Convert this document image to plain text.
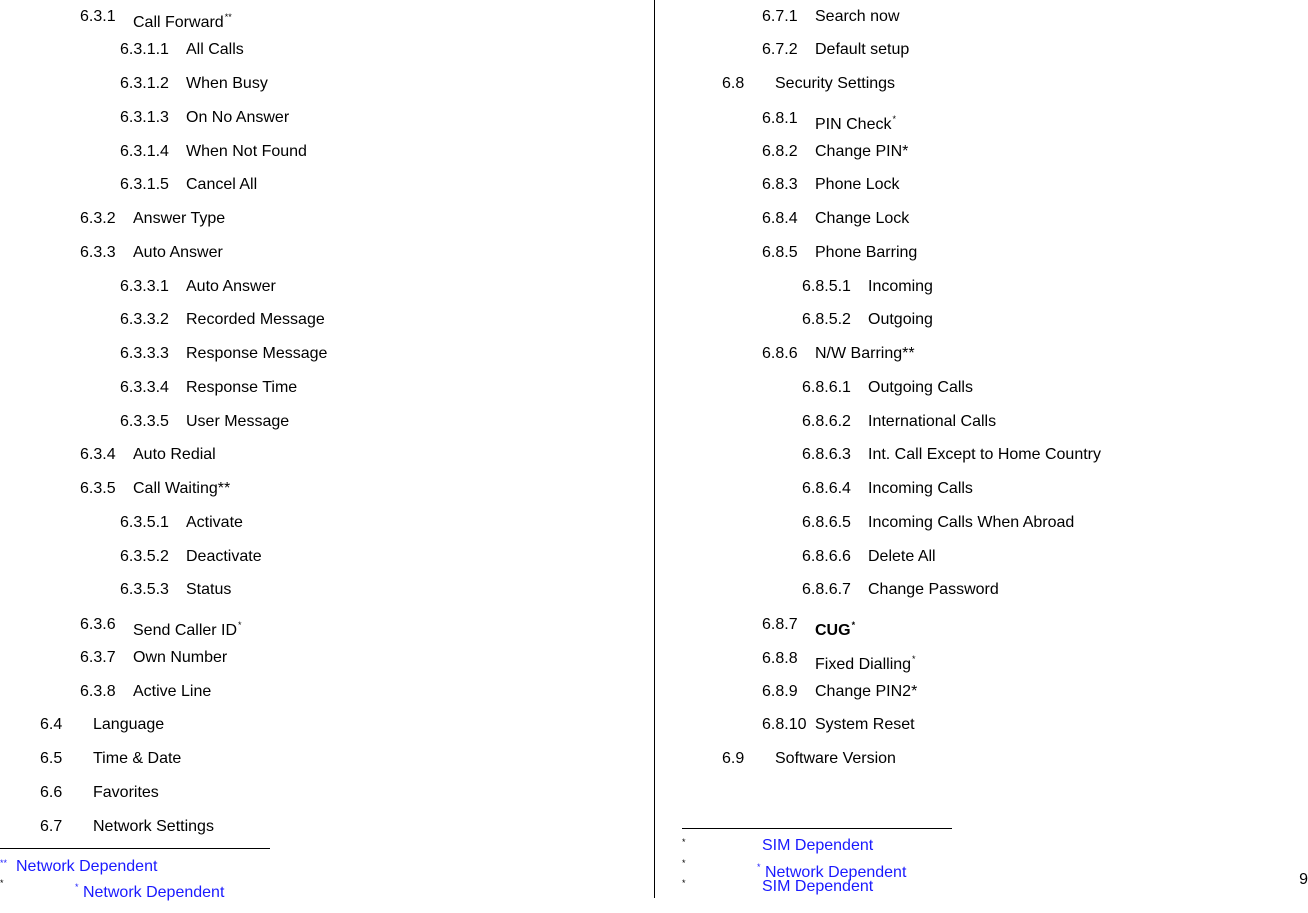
6.3.1 Call Forward**
6.3.1.1 All Calls
6.3.1.2 When Busy
6.3.1.3 On No Answer
6.3.1.4 When Not Found
6.3.1.5 Cancel All
6.3.2 Answer Type
6.3.3 Auto Answer
6.3.3.1 Auto Answer
6.3.3.2 Recorded Message
6.3.3.3 Response Message
6.3.3.4 Response Time
6.3.3.5 User Message
6.3.4 Auto Redial
6.3.5 Call Waiting**
6.3.5.1 Activate
6.3.5.2 Deactivate
6.3.5.3 Status
6.3.6 Send Caller ID*
6.3.7 Own Number
6.3.8 Active Line
6.4 Language
6.5 Time & Date
6.6 Favorites
6.7 Network Settings
6.7.1 Search now
6.7.2 Default setup
6.8 Security Settings
6.8.1 PIN Check*
6.8.2 Change PIN*
6.8.3 Phone Lock
6.8.4 Change Lock
6.8.5 Phone Barring
6.8.5.1 Incoming
6.8.5.2 Outgoing
6.8.6 N/W Barring**
6.8.6.1 Outgoing Calls
6.8.6.2 International Calls
6.8.6.3 Int. Call Except to Home Country
6.8.6.4 Incoming Calls
6.8.6.5 Incoming Calls When Abroad
6.8.6.6 Delete All
6.8.6.7 Change Password
6.8.7 CUG*
6.8.8 Fixed Dialling*
6.8.9 Change PIN2*
6.8.10 System Reset
6.9 Software Version
** Network Dependent
*	* Network Dependent
*	SIM Dependent
*	* Network Dependent
*	SIM Dependent	9
